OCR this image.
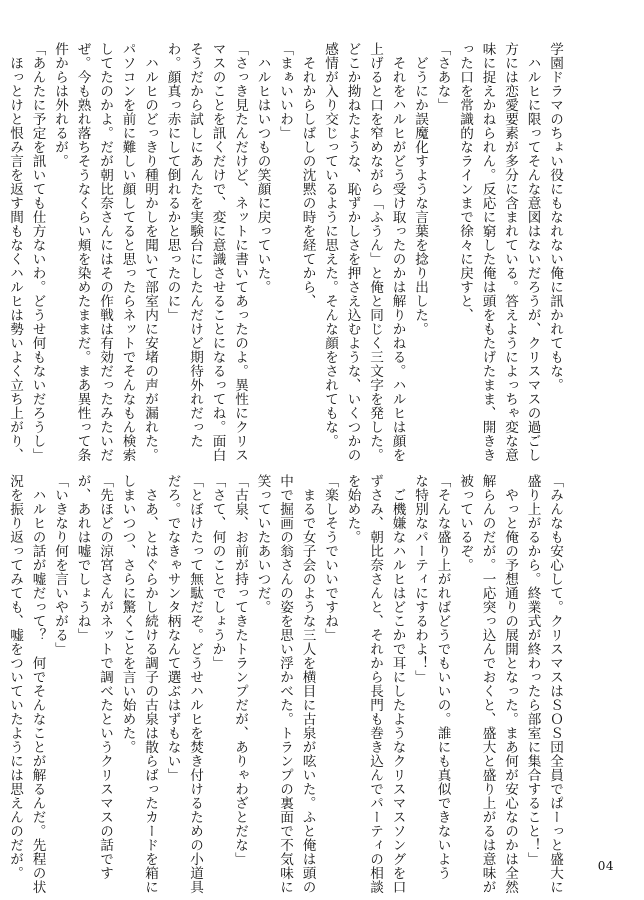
学園ドラマのちょい役にもなれない俺に訊かれてもな。
　ハルヒに限ってそんな意図はないだろうが、クリスマスの過ごし
方には恋愛要素が多分に含まれている。答えようによっちゃ変な意
味に捉えかねられん。反応に窮した俺は頭をもたげたまま、開きき
った口を常識的なラインまで徐々に戻すと、
「さあな」
　どうにか誤魔化すような言葉を捻り出した。
　それをハルヒがどう受け取ったのかは解りかねる。ハルヒは顔を
上げると口を窄めながら「ふうん」と俺と同じく三文字を発した。
どこか拗ねたような、恥ずかしさを押さえ込むような、いくつかの
感情が入り交じっているように思えた。そんな顔をされてもな。
　それからしばしの沈黙の時を経てから、
「まぁいいわ」
　ハルヒはいつもの笑顔に戻っていた。
「さっき見たんだけど、ネットに書いてあったのよ。異性にクリス
マスのことを訊くだけで、変に意識させることになるってね。面白
そうだから試しにあんたを実験台にしたんだけど期待外れだった
わ。顔真っ赤にして倒れるかと思ったのに」
　ハルヒのどっきり種明かしを聞いて部室内に安堵の声が漏れた。
パソコンを前に難しい顔してると思ったらネットでそんなもん検索
してたのかよ。だが朝比奈さんにはその作戦は有効だったみたいだ
ぜ。今も熟れ落ちそうなくらい頬を染めたままだ。まあ異性って条
件からは外れるが。
「あんたに予定を訊いても仕方ないわ。どうせ何もないだろうし」
　ほっとけと恨み言を返す間もなくハルヒは勢いよく立ち上がり、
「みんなも安心して。クリスマスはＳＯＳ団全員でぱーっと盛大に
盛り上がるから。終業式が終わったら部室に集合すること！」
　やっと俺の予想通りの展開となった。まあ何が安心なのかは全然
解らんのだが。一応突っ込んでおくと、盛大と盛り上がるは意味が
被っているぞ。
「そんな盛り上がればどうでもいいの。誰にも真似できないよう
な特別なパーティにするわよ！」
　ご機嫌なハルヒはどこかで耳にしたようなクリスマスソングを口
ずさみ、朝比奈さんと、それから長門も巻き込んでパーティの相談
を始めた。
「楽しそうでいいですね」
　まるで女子会のような三人を横目に古泉が呟いた。ふと俺は頭の
中で掘画の翁さんの姿を思い浮かべた。トランプの裏面で不気味に
笑っていたあいつだ。
「古泉、お前が持ってきたトランプだが、ありゃわざとだな」
「さて、何のことでしょうか」
「とぼけたって無駄だぞ。どうせハルヒを焚き付けるための小道具
だろ。でなきゃサンタ柄なんて選ぶはずもない」
　さあ、とはぐらかし続ける調子の古泉は散らばったカードを箱に
しまいつつ、さらに驚くことを言い始めた。
「先ほどの涼宮さんがネットで調べたというクリスマスの話です
が、あれは嘘でしょうね」
「いきなり何を言いやがる」
　ハルヒの話が嘘だって？　何でそんなことが解るんだ。先程の状
況を振り返ってみても、嘘をついていたようには思えんのだが。	04
